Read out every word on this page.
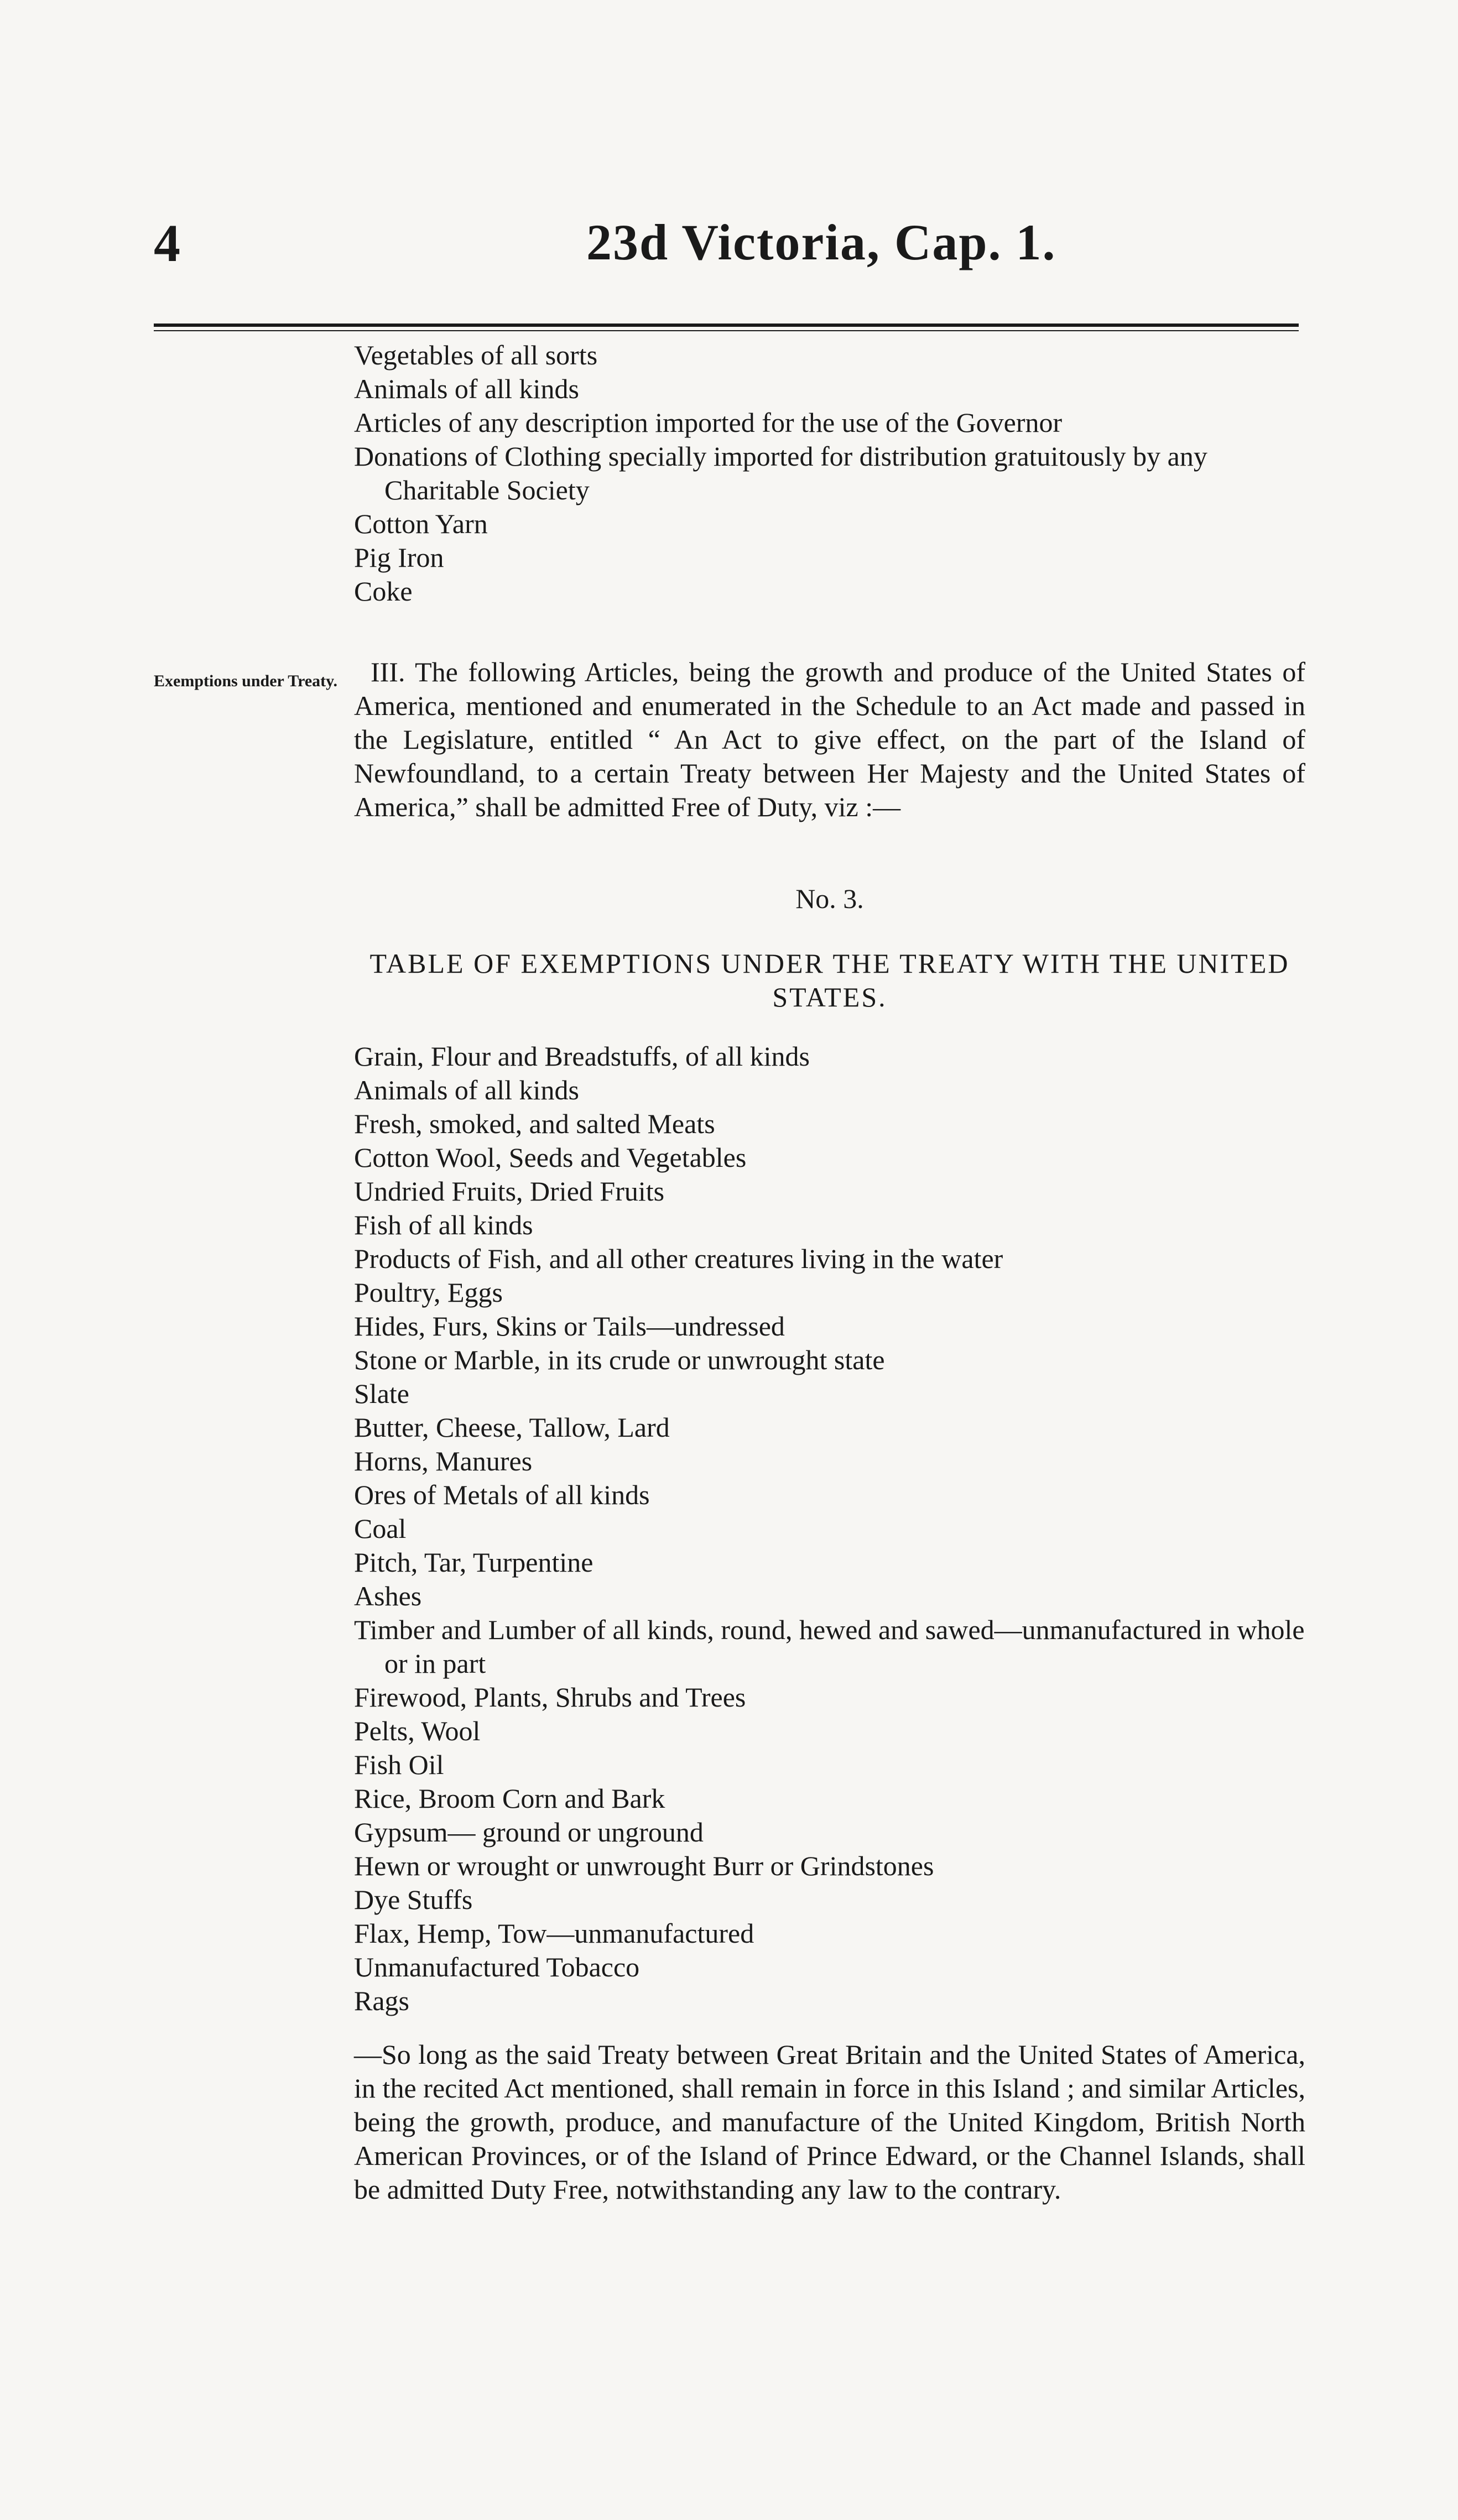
4	23d Victoria, Cap. 1.
Vegetables of all sorts
Animals of all kinds
Articles of any description imported for the use of the Governor
Donations of Clothing specially imported for distribution gratuitously by any Charitable Society
Cotton Yarn
Pig Iron
Coke
Exemptions under Treaty.	III. The following Articles, being the growth and produce of the United States of America, mentioned and enumerated in the Schedule to an Act made and passed in the Legislature, entitled “ An Act to give effect, on the part of the Island of Newfoundland, to a certain Treaty between Her Majesty and the United States of America,” shall be admitted Free of Duty, viz :—

No. 3.
TABLE OF EXEMPTIONS UNDER THE TREATY WITH THE UNITED STATES.
Grain, Flour and Breadstuffs, of all kinds
Animals of all kinds
Fresh, smoked, and salted Meats
Cotton Wool, Seeds and Vegetables
Undried Fruits, Dried Fruits
Fish of all kinds
Products of Fish, and all other creatures living in the water
Poultry, Eggs
Hides, Furs, Skins or Tails—undressed
Stone or Marble, in its crude or unwrought state
Slate
Butter, Cheese, Tallow, Lard
Horns, Manures
Ores of Metals of all kinds
Coal
Pitch, Tar, Turpentine
Ashes
Timber and Lumber of all kinds, round, hewed and sawed—unmanufactured in whole or in part
Firewood, Plants, Shrubs and Trees
Pelts, Wool
Fish Oil
Rice, Broom Corn and Bark
Gypsum— ground or unground
Hewn or wrought or unwrought Burr or Grindstones
Dye Stuffs
Flax, Hemp, Tow—unmanufactured
Unmanufactured Tobacco
Rags

—So long as the said Treaty between Great Britain and the United States of America, in the recited Act mentioned, shall remain in force in this Island ; and similar Articles, being the growth, produce, and manufacture of the United Kingdom, British North American Provinces, or of the Island of Prince Edward, or the Channel Islands, shall be admitted Duty Free, notwithstanding any law to the contrary.
